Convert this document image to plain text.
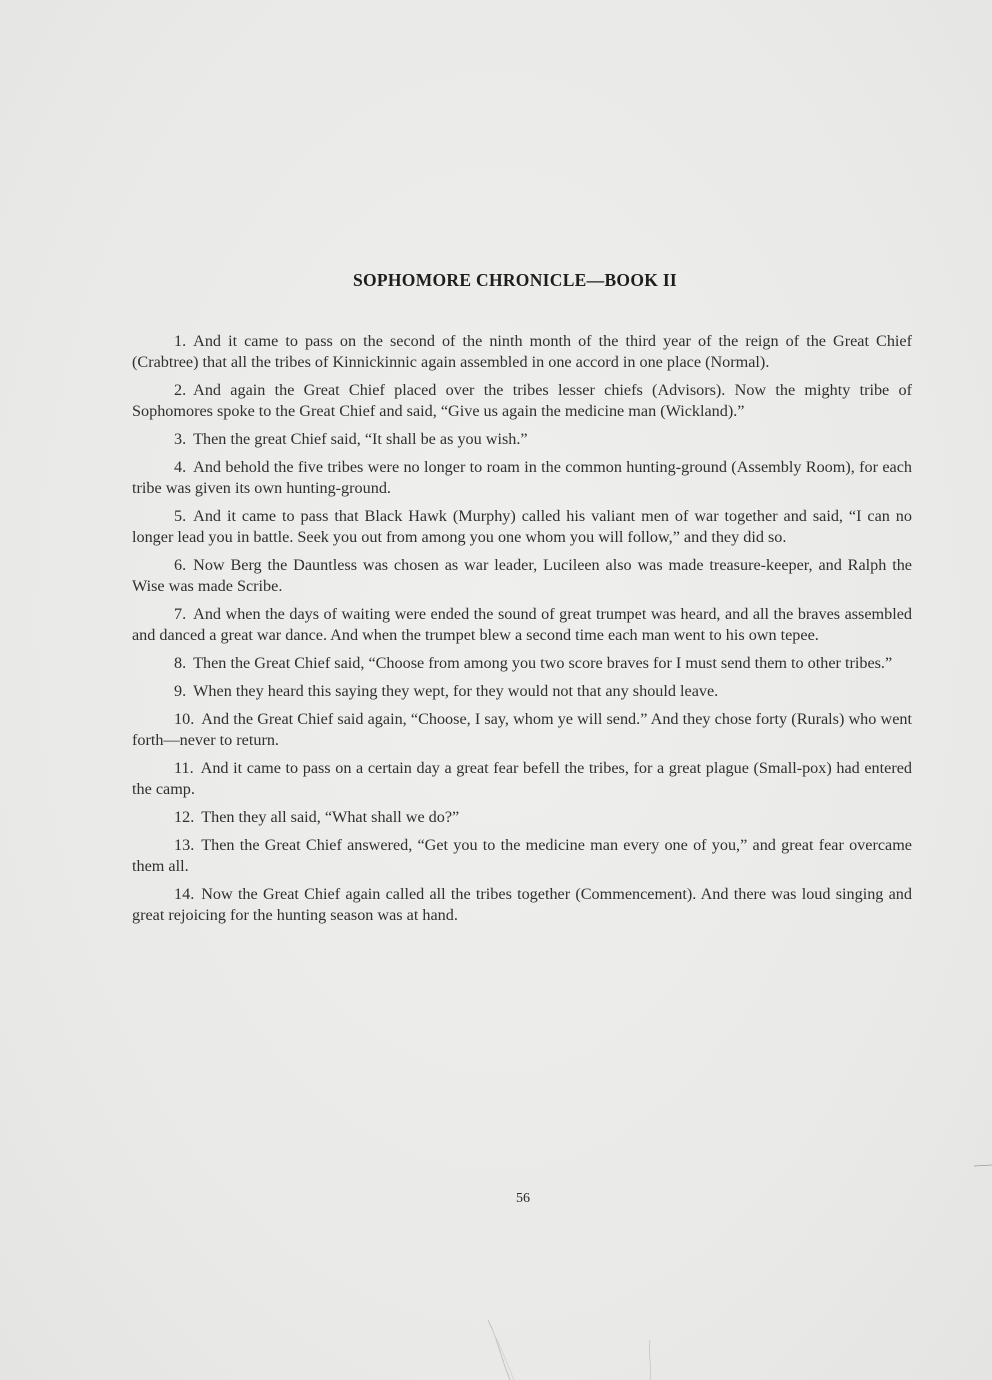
SOPHOMORE CHRONICLE—BOOK II

1. And it came to pass on the second of the ninth month of the third year of the reign of the Great Chief (Crabtree) that all the tribes of Kinnickinnic again assembled in one accord in one place (Normal).

2. And again the Great Chief placed over the tribes lesser chiefs (Advisors). Now the mighty tribe of Sophomores spoke to the Great Chief and said, “Give us again the medicine man (Wickland).”

3. Then the great Chief said, “It shall be as you wish.”

4. And behold the five tribes were no longer to roam in the common hunting-ground (Assembly Room), for each tribe was given its own hunting-ground.

5. And it came to pass that Black Hawk (Murphy) called his valiant men of war together and said, “I can no longer lead you in battle. Seek you out from among you one whom you will follow,” and they did so.

6. Now Berg the Dauntless was chosen as war leader, Lucileen also was made treasure-keeper, and Ralph the Wise was made Scribe.

7. And when the days of waiting were ended the sound of great trumpet was heard, and all the braves assembled and danced a great war dance. And when the trumpet blew a second time each man went to his own tepee.

8. Then the Great Chief said, “Choose from among you two score braves for I must send them to other tribes.”

9. When they heard this saying they wept, for they would not that any should leave.

10. And the Great Chief said again, “Choose, I say, whom ye will send.” And they chose forty (Rurals) who went forth—never to return.

11. And it came to pass on a certain day a great fear befell the tribes, for a great plague (Small-pox) had entered the camp.

12. Then they all said, “What shall we do?”

13. Then the Great Chief answered, “Get you to the medicine man every one of you,” and great fear overcame them all.

14. Now the Great Chief again called all the tribes together (Commencement). And there was loud singing and great rejoicing for the hunting season was at hand.

56
